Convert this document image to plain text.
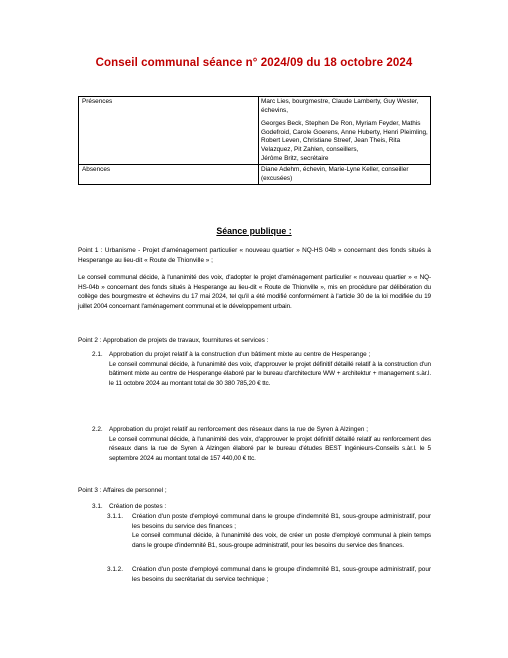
Conseil communal séance n° 2024/09 du 18 octobre 2024
Présences	Marc Lies, bourgmestre, Claude Lamberty, Guy Wester, échevins,
Georges Beck, Stephen De Ron, Myriam Feyder, Mathis Godefroid, Carole Goerens, Anne Huberty, Henri Pleimling, Robert Leven, Christiane Streef, Jean Theis, Rita Velazquez, Pit Zahlen, conseillers,
Jérôme Britz, secrétaire

Absences	Diane Adehm, échevin, Marie-Lyne Keller, conseiller (excusées)
Séance publique :
Point 1 : Urbanisme - Projet d'aménagement particulier « nouveau quartier » NQ-HS 04b » concernant des fonds situés à Hesperange au lieu-dit « Route de Thionville » ;
Le conseil communal décide, à l'unanimité des voix, d'adopter le projet d'aménagement particulier « nouveau quartier » « NQ-HS-04b » concernant des fonds situés à Hesperange au lieu-dit « Route de Thionville », mis en procédure par délibération du collège des bourgmestre et échevins du 17 mai 2024, tel qu'il a été modifié conformément à l'article 30 de la loi modifiée du 19 juillet 2004 concernant l'aménagement communal et le développement urbain.
Point 2 : Approbation de projets de travaux, fournitures et services :
2.1. Approbation du projet relatif à la construction d'un bâtiment mixte au centre de Hesperange ;
Le conseil communal décide, à l'unanimité des voix, d'approuver le projet définitif détaillé relatif à la construction d'un bâtiment mixte au centre de Hesperange élaboré par le bureau d'architecture WW + architektur + management s.àr.l. le 11 octobre 2024 au montant total de 30 380 785,20 € ttc.
2.2. Approbation du projet relatif au renforcement des réseaux dans la rue de Syren à Alzingen ;
Le conseil communal décide, à l'unanimité des voix, d'approuver le projet définitif détaillé relatif au renforcement des réseaux dans la rue de Syren à Alzingen élaboré par le bureau d'études BEST Ingénieurs-Conseils s.àr.l. le 5 septembre 2024 au montant total de 157 440,00 € ttc.
Point 3 : Affaires de personnel ;
3.1. Création de postes :
3.1.1.	Création d'un poste d'employé communal dans le groupe d'indemnité B1, sous-groupe administratif, pour les besoins du service des finances ;
Le conseil communal décide, à l'unanimité des voix, de créer un poste d'employé communal à plein temps dans le groupe d'indemnité B1, sous-groupe administratif, pour les besoins du service des finances.
3.1.2.	Création d'un poste d'employé communal dans le groupe d'indemnité B1, sous-groupe administratif, pour les besoins du secrétariat du service technique ;
